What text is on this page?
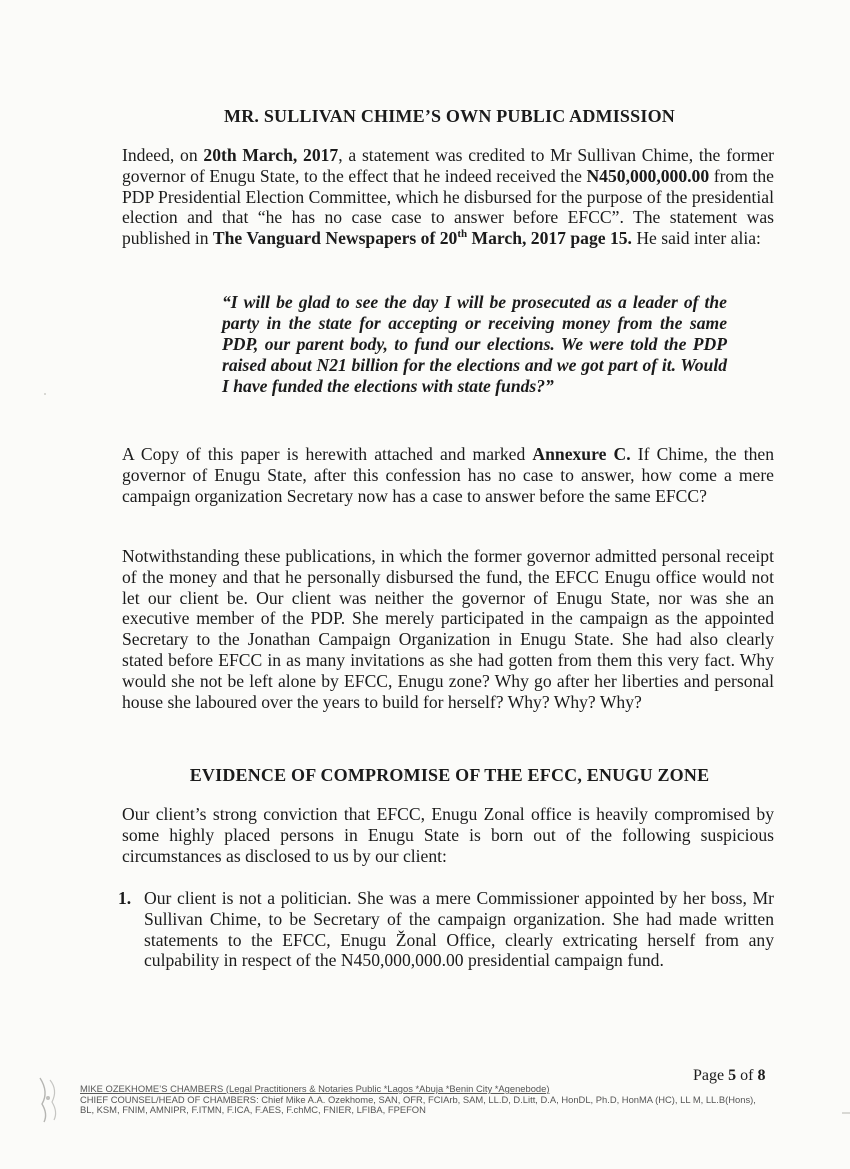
MR. SULLIVAN CHIME’S OWN PUBLIC ADMISSION
Indeed, on 20th March, 2017, a statement was credited to Mr Sullivan Chime, the former governor of Enugu State, to the effect that he indeed received the N450,000,000.00 from the PDP Presidential Election Committee, which he disbursed for the purpose of the presidential election and that “he has no case case to answer before EFCC”. The statement was published in The Vanguard Newspapers of 20th March, 2017 page 15. He said inter alia:
“I will be glad to see the day I will be prosecuted as a leader of the party in the state for accepting or receiving money from the same PDP, our parent body, to fund our elections. We were told the PDP raised about N21 billion for the elections and we got part of it. Would I have funded the elections with state funds?”
A Copy of this paper is herewith attached and marked Annexure C. If Chime, the then governor of Enugu State, after this confession has no case to answer, how come a mere campaign organization Secretary now has a case to answer before the same EFCC?
Notwithstanding these publications, in which the former governor admitted personal receipt of the money and that he personally disbursed the fund, the EFCC Enugu office would not let our client be. Our client was neither the governor of Enugu State, nor was she an executive member of the PDP. She merely participated in the campaign as the appointed Secretary to the Jonathan Campaign Organization in Enugu State. She had also clearly stated before EFCC in as many invitations as she had gotten from them this very fact. Why would she not be left alone by EFCC, Enugu zone? Why go after her liberties and personal house she laboured over the years to build for herself? Why? Why? Why?
EVIDENCE OF COMPROMISE OF THE EFCC, ENUGU ZONE
Our client’s strong conviction that EFCC, Enugu Zonal office is heavily compromised by some highly placed persons in Enugu State is born out of the following suspicious circumstances as disclosed to us by our client:
1. Our client is not a politician. She was a mere Commissioner appointed by her boss, Mr Sullivan Chime, to be Secretary of the campaign organization. She had made written statements to the EFCC, Enugu Žonal Office, clearly extricating herself from any culpability in respect of the N450,000,000.00 presidential campaign fund.
Page 5 of 8
MIKE OZEKHOME’S CHAMBERS (Legal Practitioners & Notaries Public *Lagos *Abuja *Benin City *Agenebode)
CHIEF COUNSEL/HEAD OF CHAMBERS: Chief Mike A.A. Ozekhome, SAN, OFR, FCIArb, SAM, LL.D, D.Litt, D.A, HonDL, Ph.D, HonMA (HC), LL M, LL.B(Hons),
BL, KSM, FNIM, AMNIPR, F.ITMN, F.ICA, F.AES, F.chMC, FNIER, LFIBA, FPEFON
